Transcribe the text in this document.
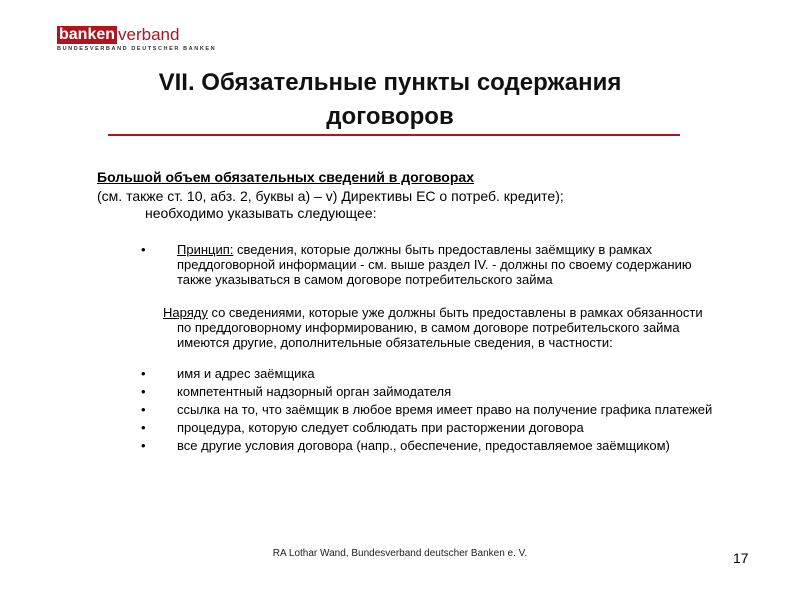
banken verband
BUNDESVERBAND DEUTSCHER BANKEN
VII. Обязательные пункты содержания
договоров
Большой объем обязательных сведений в договорах
(см. также ст. 10, абз. 2, буквы а) – v) Директивы ЕС о потреб. кредите);
необходимо указывать следующее:
• Принцип: сведения, которые должны быть предоставлены заёмщику в рамках преддоговорной информации - см. выше раздел IV. - должны по своему содержанию также указываться в самом договоре потребительского займа
Наряду со сведениями, которые уже должны быть предоставлены в рамках обязанности по преддоговорному информированию, в самом договоре потребительского займа имеются другие, дополнительные обязательные сведения, в частности:
• имя и адрес заёмщика
• компетентный надзорный орган займодателя
• ссылка на то, что заёмщик в любое время имеет право на получение графика платежей
• процедура, которую следует соблюдать при расторжении договора
• все другие условия договора (напр., обеспечение, предоставляемое заёмщиком)
RA Lothar Wand, Bundesverband deutscher Banken e. V.	17
